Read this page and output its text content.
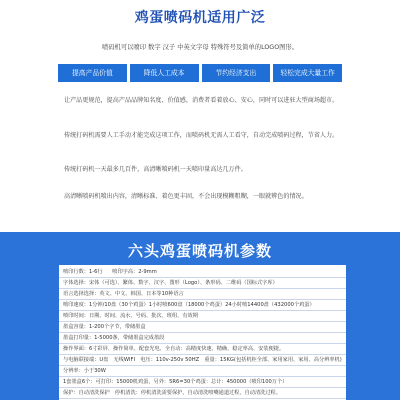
鸡蛋喷码机适用广泛
喷码机可以喷印 数字 汉子 中英文字母 特殊符号及简单的LOGO图形。
提高产品价值	降低人工成本	节约经济支出	轻松完成大量工作
让产品更规范，提高产品品牌知名度、价值感，消费者看着放心、安心，同时可以进驻大型商场超市。
传统打码机需要人工手动才能完成这项工作，而喷码机无需人工看守，自动完成喷码过程，节省人力。
传统打码机一天最多几百件，高清晰喷码机一天喷印量高达几万件。
高清晰喷码机喷出内容，清晰标准、着色更丰固，不会出现模糊粗糊，一眼就辨色的情况。
六头鸡蛋喷码机参数
喷印行数：1-6行 喷印字高：2-9mm
字体选择：宋体（可选）、繁体、数字、汉字、图形（Logo）、条形码、二维码（国标式字库）
语言选择选择：英文、中文、韩国、日本等10种语言
喷印速度：1分钟/10盘（30个鸡蛋）1小时喷600盘（18000个鸡蛋）24小时喷14400盘（432000个鸡蛋）
喷印时间：日期、时间、流水、号码、批次、班组、有效期
墨盒容量：1-200个字节，带储墨盒
墨盒打印量：1-5000条，带储墨盒完成墨段
操作界面：6寸彩屏、操作简单、配套光电、全自动：高精度快速、精确、稳定率高、安装便捷。
与电脑联接端：U盘　无线WIFI　电压：110v-250v 50HZ　重量：15KG(包括机柜全部、家用家用、家用、高分辨率机)
分辨率：小于30W
1套墨盒6个：可打印：15000机鸡蛋，另外：5R6=30个鸡蛋：总计：450000（喷印100万个）
保护：自动清洗保护　停机清洗：停机清洗需要保护，自动清洗喷嘴通道过程，自动清洗过程。
